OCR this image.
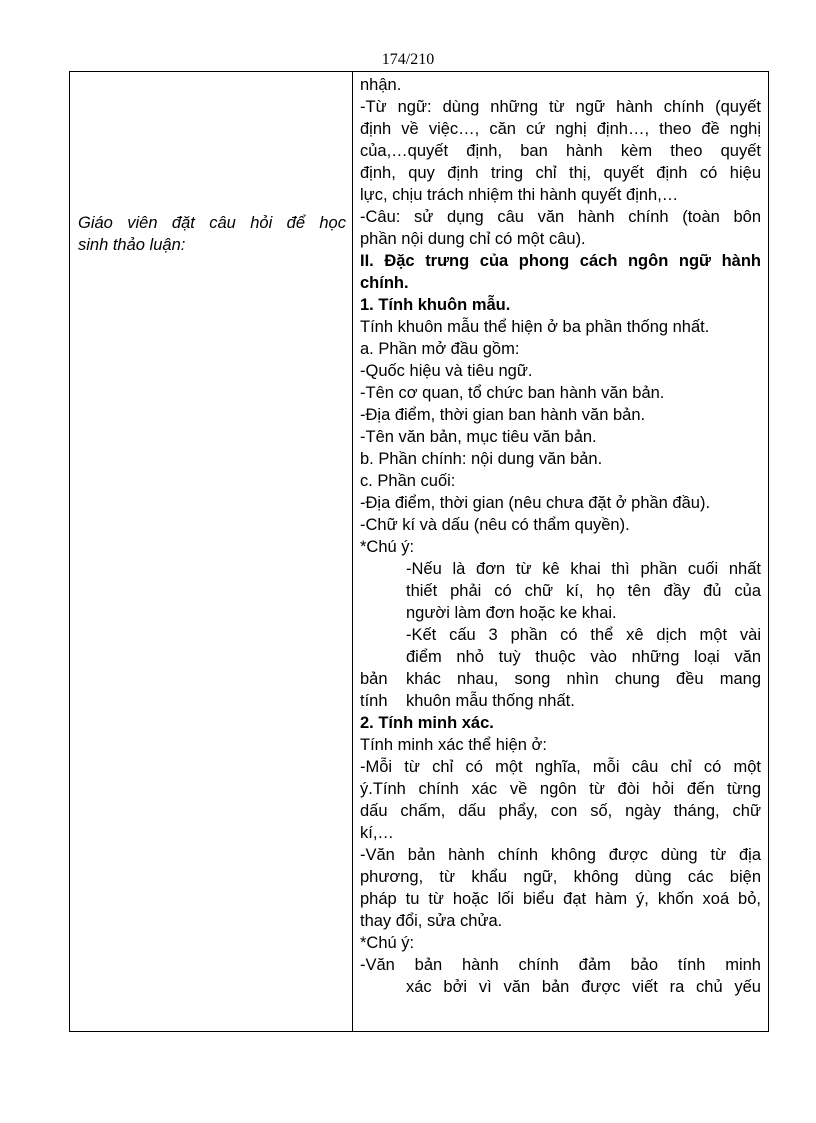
174/210
Giáo viên đặt câu hỏi để học
sinh thảo luận:
nhận.
-Từ ngữ: dùng những từ ngữ hành chính (quyết
định về việc…, căn cứ nghị định…, theo đề nghị
của,…quyết định, ban hành kèm theo quyết
định, quy định tring chỉ thị, quyết định có hiệu
lực, chịu trách nhiệm thi hành quyết định,…
-Câu: sử dụng câu văn hành chính (toàn bôn
phần nội dung chỉ có một câu).
II. Đặc trưng của phong cách ngôn ngữ hành
chính.
1. Tính khuôn mẫu.
Tính khuôn mẫu thể hiện ở ba phần thống nhất.
a. Phần mở đầu gồm:
-Quốc hiệu và tiêu ngữ.
-Tên cơ quan, tổ chức ban hành văn bản.
-Địa điểm, thời gian ban hành văn bản.
-Tên văn bản, mục tiêu văn bản.
b. Phần chính: nội dung văn bản.
c. Phần cuối:
-Địa điểm, thời gian (nêu chưa đặt ở phần đầu).
-Chữ kí và dấu (nêu có thẩm quyền).
*Chú ý:
-Nếu là đơn từ kê khai thì phần cuối nhất
thiết phải có chữ kí, họ tên đầy đủ của
người làm đơn hoặc ke khai.
-Kết cấu 3 phần có thể xê dịch một vài
điểm nhỏ tuỳ thuộc vào những loại văn
bản	khác nhau, song nhìn chung đều mang
tính	khuôn mẫu thống nhất.
2. Tính minh xác.
Tính minh xác thể hiện ở:
-Mỗi từ chỉ có một nghĩa, mỗi câu chỉ có một
ý.Tính chính xác về ngôn từ đòi hỏi đến từng
dấu chấm, dấu phẩy, con số, ngày tháng, chữ
kí,…
-Văn bản hành chính không được dùng từ địa
phương, từ khẩu ngữ, không dùng các biện
pháp tu từ hoặc lối biểu đạt hàm ý, khốn xoá bỏ,
thay đổi, sửa chửa.
*Chú ý:
-Văn bản hành chính đảm bảo tính minh
xác bởi vì văn bản được viết ra chủ yếu
